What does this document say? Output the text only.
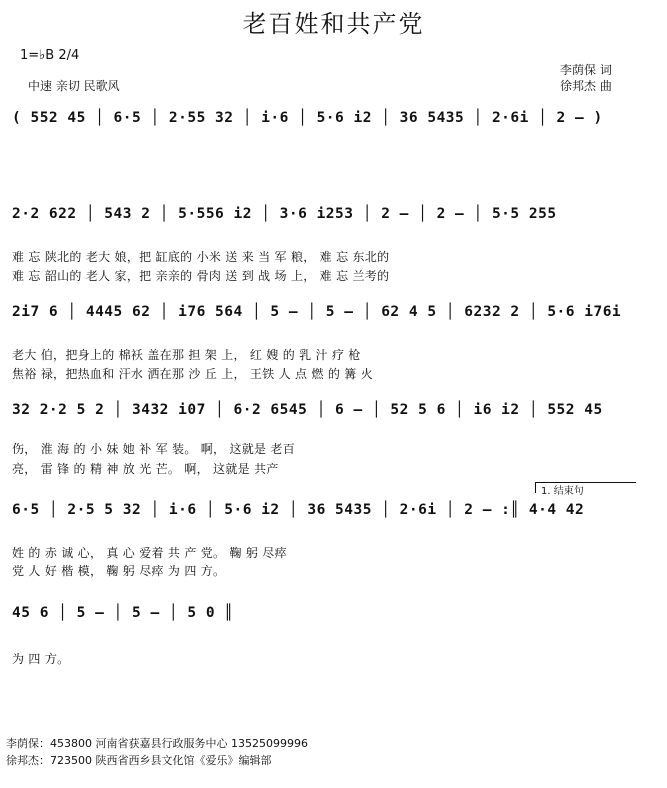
老百姓和共产党
1=♭B 2/4
中速 亲切 民歌风
李荫保 词
徐邦杰 曲
( 552 45 │ 6·5 │ 2·55 32 │ i·6 │ 5·6 i2 │ 36 5435 │ 2·6i │ 2 – )
2·2 622 │ 543 2 │ 5·556 i2 │ 3·6 i253 │ 2 – │ 2 – │ 5·5 255
难 忘 陕北的 老大 娘，把 缸底的 小米 送 来 当 军 粮， 难 忘 东北的
难 忘 韶山的 老人 家，把 亲亲的 骨肉 送 到 战 场 上， 难 忘 兰考的
2i7 6 │ 4445 62 │ i76 564 │ 5 – │ 5 – │ 62 4 5 │ 6232 2 │ 5·6 i76i
老大 伯，把身上的 棉袄 盖在那 担 架 上， 红 嫂 的 乳 汁 疗 枪
焦裕 禄，把热血和 汗水 洒在那 沙 丘 上， 王铁 人 点 燃 的 篝 火
32 2·2 5 2 │ 3432 i07 │ 6·2 6545 │ 6 – │ 52 5 6 │ i6 i2 │ 552 45
伤， 淮 海 的 小 妹 她 补 军 装。 啊， 这就是 老百
亮， 雷 锋 的 精 神 放 光 芒。 啊， 这就是 共产
1. 结束句
6·5 │ 2·5 5 32 │ i·6 │ 5·6 i2 │ 36 5435 │ 2·6i │ 2 – :║ 4·4 42
姓 的 赤 诚 心， 真 心 爱着 共 产 党。 鞠 躬 尽瘁
党 人 好 楷 模， 鞠 躬 尽瘁 为 四 方。
45 6 │ 5 – │ 5 – │ 5 0 ║
为 四 方。
李荫保：453800 河南省获嘉县行政服务中心 13525099996
徐邦杰：723500 陕西省西乡县文化馆《爱乐》编辑部
